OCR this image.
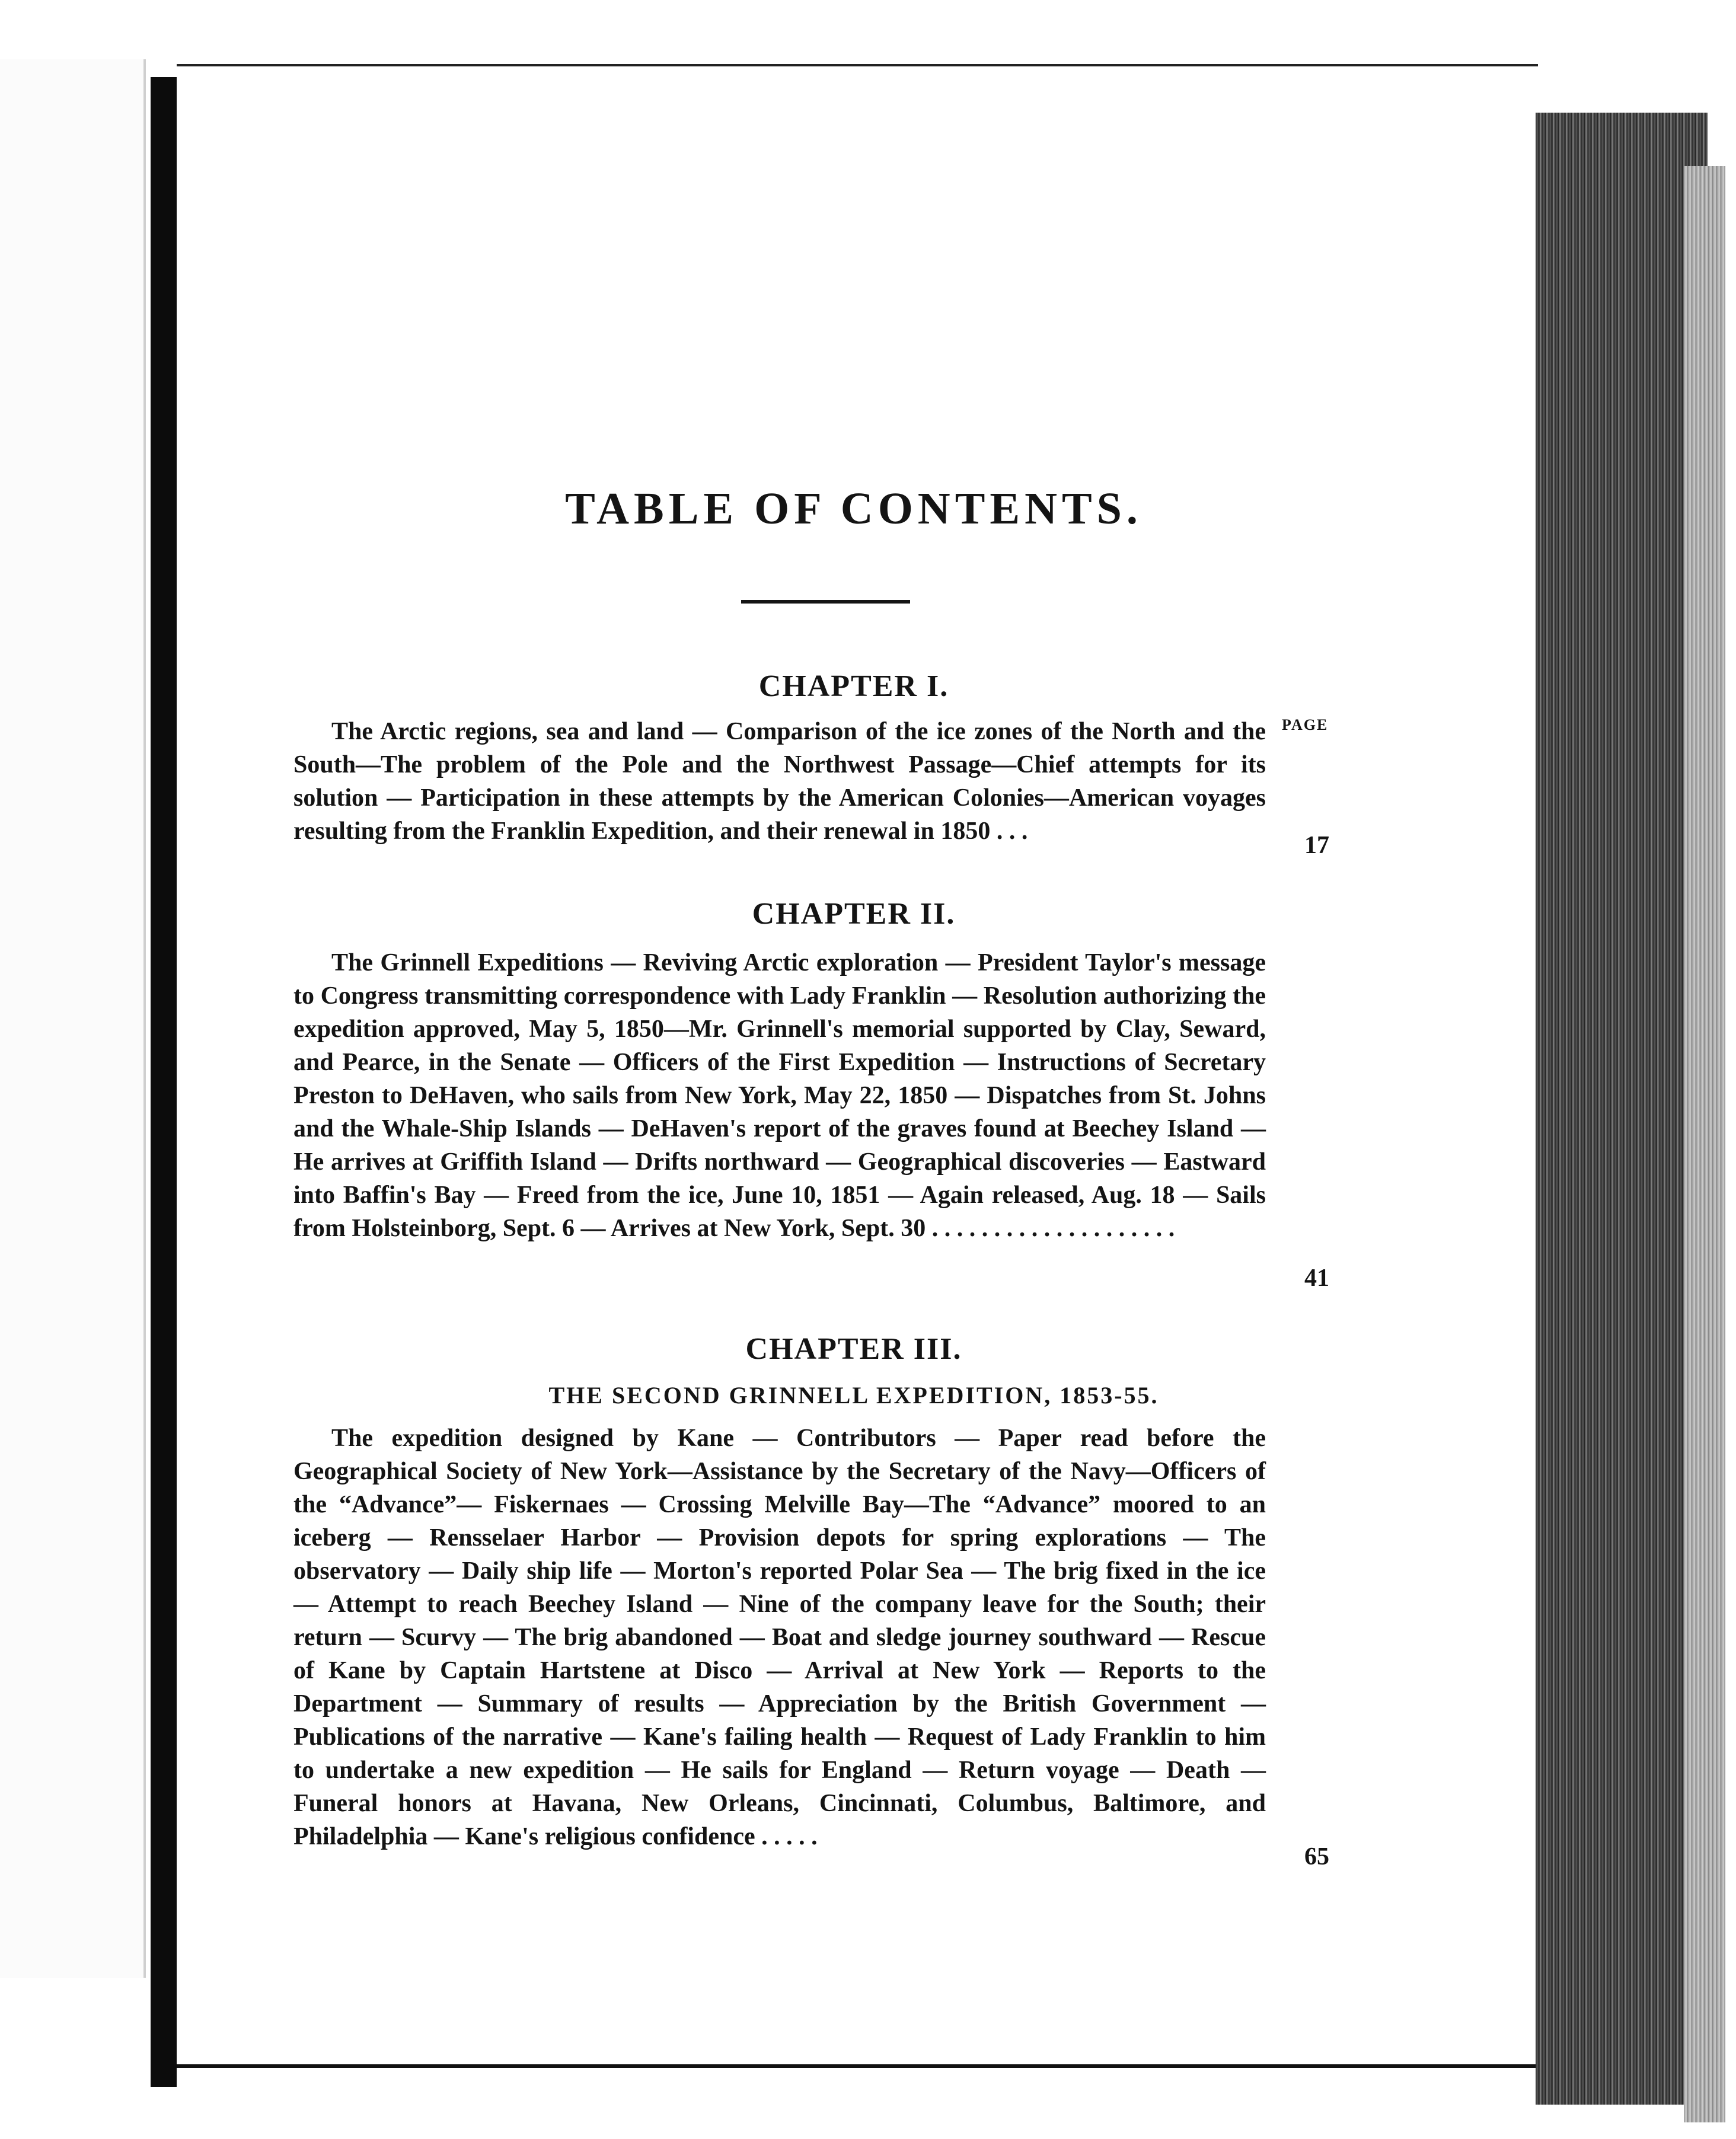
TABLE OF CONTENTS.
PAGE
CHAPTER I.

The Arctic regions, sea and land — Comparison of the ice zones of the North and the South—The problem of the Pole and the Northwest Passage—Chief attempts for its solution — Participation in these attempts by the American Colonies—American voyages resulting from the Franklin Expedition, and their renewal in 1850 . . .

17
CHAPTER II.

The Grinnell Expeditions — Reviving Arctic exploration — President Taylor's message to Congress transmitting correspondence with Lady Franklin — Resolution authorizing the expedition approved, May 5, 1850—Mr. Grinnell's memorial supported by Clay, Seward, and Pearce, in the Senate — Officers of the First Expedition — Instructions of Secretary Preston to DeHaven, who sails from New York, May 22, 1850 — Dispatches from St. Johns and the Whale-Ship Islands — DeHaven's report of the graves found at Beechey Island — He arrives at Griffith Island — Drifts northward — Geographical discoveries — Eastward into Baffin's Bay — Freed from the ice, June 10, 1851 — Again released, Aug. 18 — Sails from Holsteinborg, Sept. 6 — Arrives at New York, Sept. 30 . . . . . . . . . . . . . . . . . . . .

41
CHAPTER III.
THE SECOND GRINNELL EXPEDITION, 1853-55.

The expedition designed by Kane — Contributors — Paper read before the Geographical Society of New York—Assistance by the Secretary of the Navy—Officers of the “Advance”— Fiskernaes — Crossing Melville Bay—The “Advance” moored to an iceberg — Rensselaer Harbor — Provision depots for spring explorations — The observatory — Daily ship life — Morton's reported Polar Sea — The brig fixed in the ice — Attempt to reach Beechey Island — Nine of the company leave for the South; their return — Scurvy — The brig abandoned — Boat and sledge journey southward — Rescue of Kane by Captain Hartstene at Disco — Arrival at New York — Reports to the Department — Summary of results — Appreciation by the British Government — Publications of the narrative — Kane's failing health — Request of Lady Franklin to him to undertake a new expedition — He sails for England — Return voyage — Death — Funeral honors at Havana, New Orleans, Cincinnati, Columbus, Baltimore, and Philadelphia — Kane's religious confidence . . . . .

65
